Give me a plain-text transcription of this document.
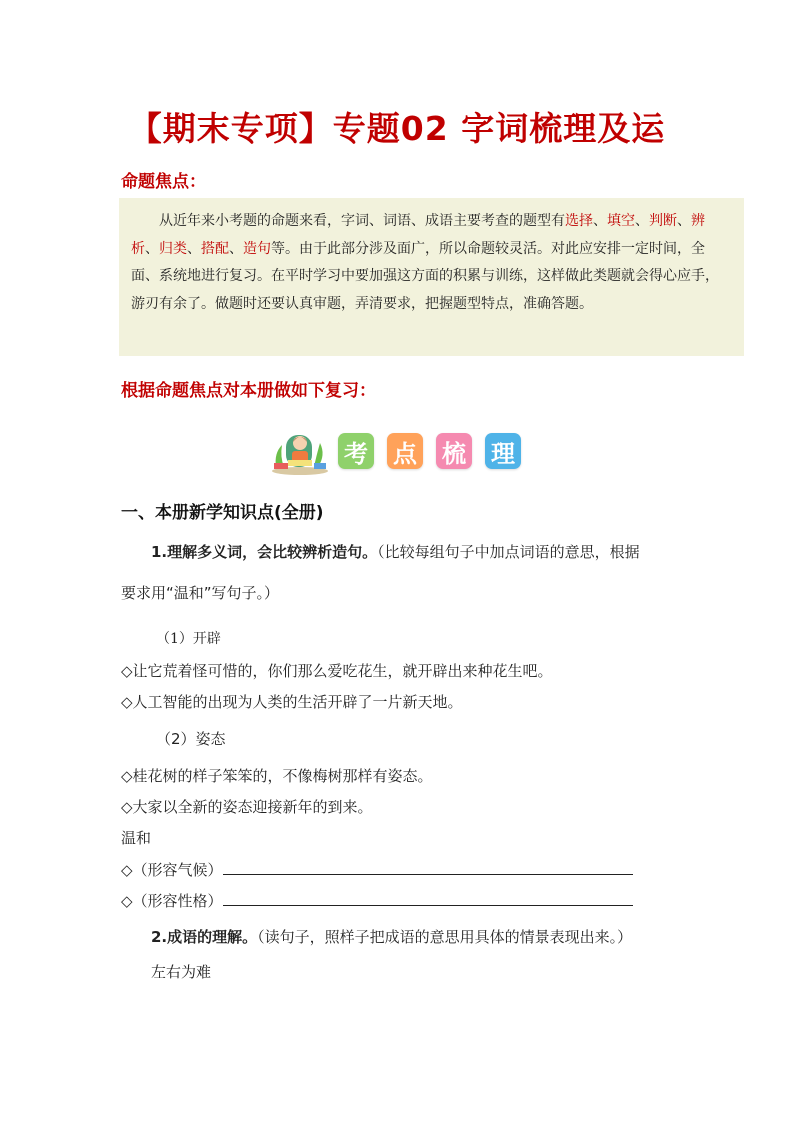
【期末专项】专题02 字词梳理及运
命题焦点：
从近年来小考题的命题来看，字词、词语、成语主要考查的题型有选择、填空、判断、辨析、归类、搭配、造句等。由于此部分涉及面广，所以命题较灵活。对此应安排一定时间，全面、系统地进行复习。在平时学习中要加强这方面的积累与训练，这样做此类题就会得心应手，游刃有余了。做题时还要认真审题，弄清要求，把握题型特点，准确答题。
根据命题焦点对本册做如下复习：
考 点 梳 理
一、本册新学知识点(全册)
1.理解多义词，会比较辨析造句。（比较每组句子中加点词语的意思，根据
要求用“温和”写句子。）
（1）开辟
◇让它荒着怪可惜的，你们那么爱吃花生，就开辟出来种花生吧。
◇人工智能的出现为人类的生活开辟了一片新天地。
（2）姿态
◇桂花树的样子笨笨的，不像梅树那样有姿态。
◇大家以全新的姿态迎接新年的到来。
温和
◇（形容气候）
◇（形容性格）
2.成语的理解。（读句子，照样子把成语的意思用具体的情景表现出来。）
左右为难
